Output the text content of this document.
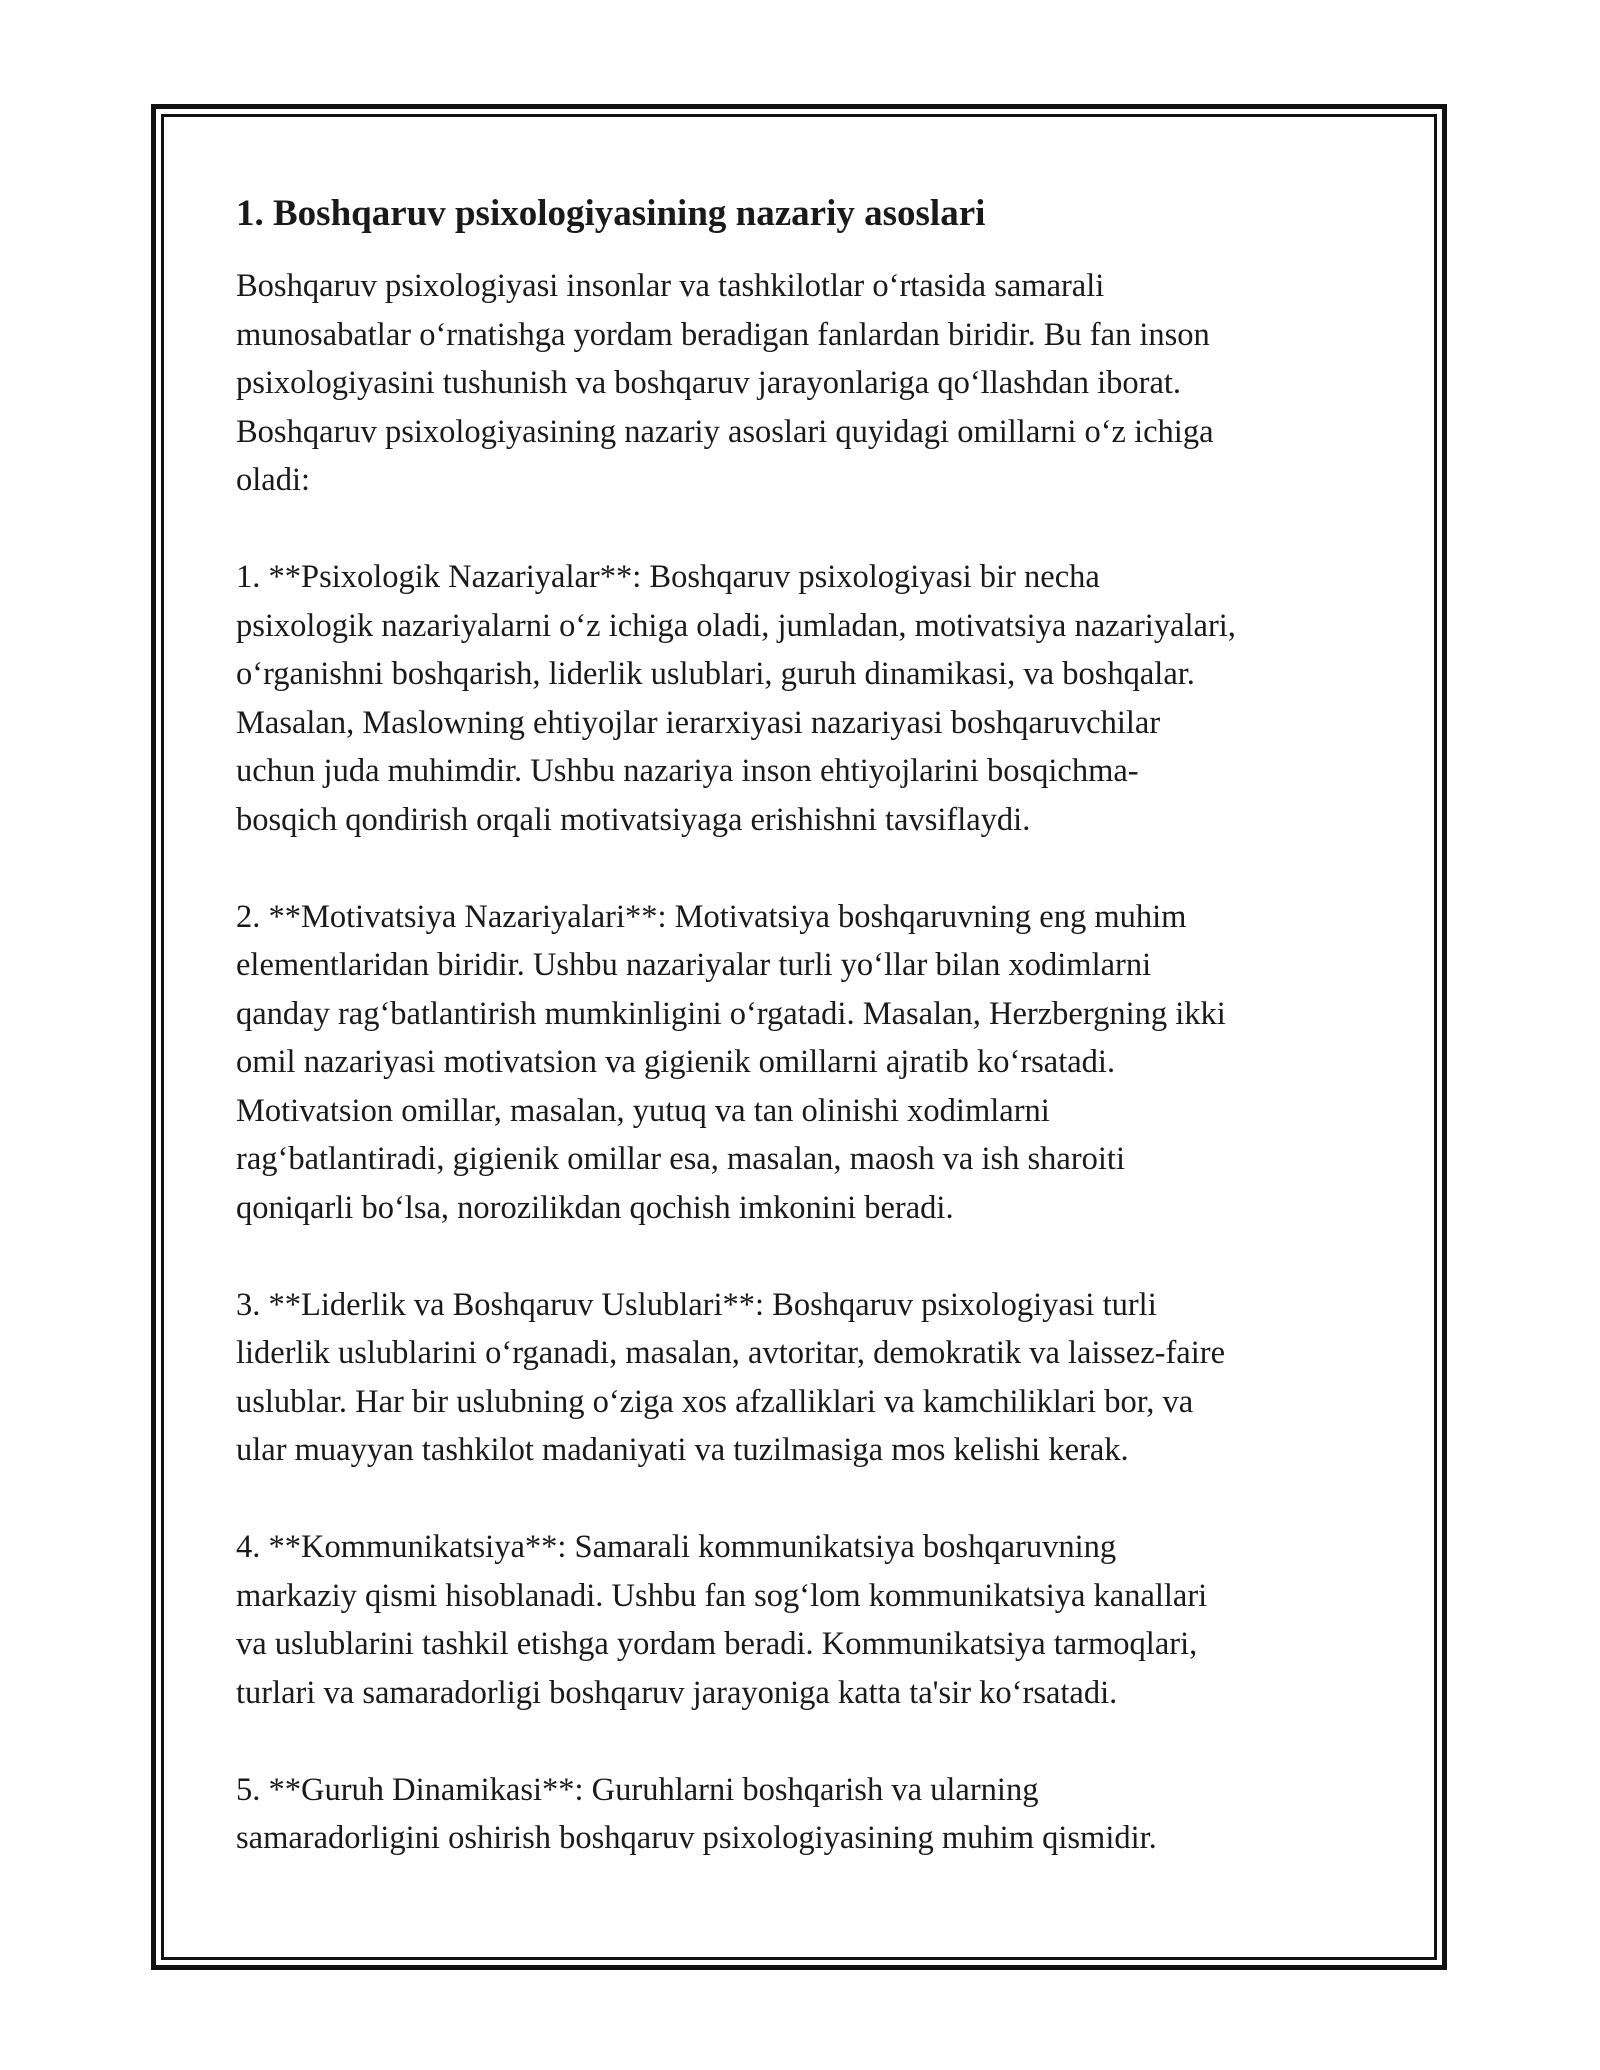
1. Boshqaruv psixologiyasining nazariy asoslari

Boshqaruv psixologiyasi insonlar va tashkilotlar o‘rtasida samarali
munosabatlar o‘rnatishga yordam beradigan fanlardan biridir. Bu fan inson
psixologiyasini tushunish va boshqaruv jarayonlariga qo‘llashdan iborat.
Boshqaruv psixologiyasining nazariy asoslari quyidagi omillarni o‘z ichiga
oladi:

1. **Psixologik Nazariyalar**: Boshqaruv psixologiyasi bir necha
psixologik nazariyalarni o‘z ichiga oladi, jumladan, motivatsiya nazariyalari,
o‘rganishni boshqarish, liderlik uslublari, guruh dinamikasi, va boshqalar.
Masalan, Maslowning ehtiyojlar ierarxiyasi nazariyasi boshqaruvchilar
uchun juda muhimdir. Ushbu nazariya inson ehtiyojlarini bosqichma-
bosqich qondirish orqali motivatsiyaga erishishni tavsiflaydi.

2. **Motivatsiya Nazariyalari**: Motivatsiya boshqaruvning eng muhim
elementlaridan biridir. Ushbu nazariyalar turli yo‘llar bilan xodimlarni
qanday rag‘batlantirish mumkinligini o‘rgatadi. Masalan, Herzbergning ikki
omil nazariyasi motivatsion va gigienik omillarni ajratib ko‘rsatadi.
Motivatsion omillar, masalan, yutuq va tan olinishi xodimlarni
rag‘batlantiradi, gigienik omillar esa, masalan, maosh va ish sharoiti
qoniqarli bo‘lsa, norozilikdan qochish imkonini beradi.

3. **Liderlik va Boshqaruv Uslublari**: Boshqaruv psixologiyasi turli
liderlik uslublarini o‘rganadi, masalan, avtoritar, demokratik va laissez-faire
uslublar. Har bir uslubning o‘ziga xos afzalliklari va kamchiliklari bor, va
ular muayyan tashkilot madaniyati va tuzilmasiga mos kelishi kerak.

4. **Kommunikatsiya**: Samarali kommunikatsiya boshqaruvning
markaziy qismi hisoblanadi. Ushbu fan sog‘lom kommunikatsiya kanallari
va uslublarini tashkil etishga yordam beradi. Kommunikatsiya tarmoqlari,
turlari va samaradorligi boshqaruv jarayoniga katta ta'sir ko‘rsatadi.

5. **Guruh Dinamikasi**: Guruhlarni boshqarish va ularning
samaradorligini oshirish boshqaruv psixologiyasining muhim qismidir.
